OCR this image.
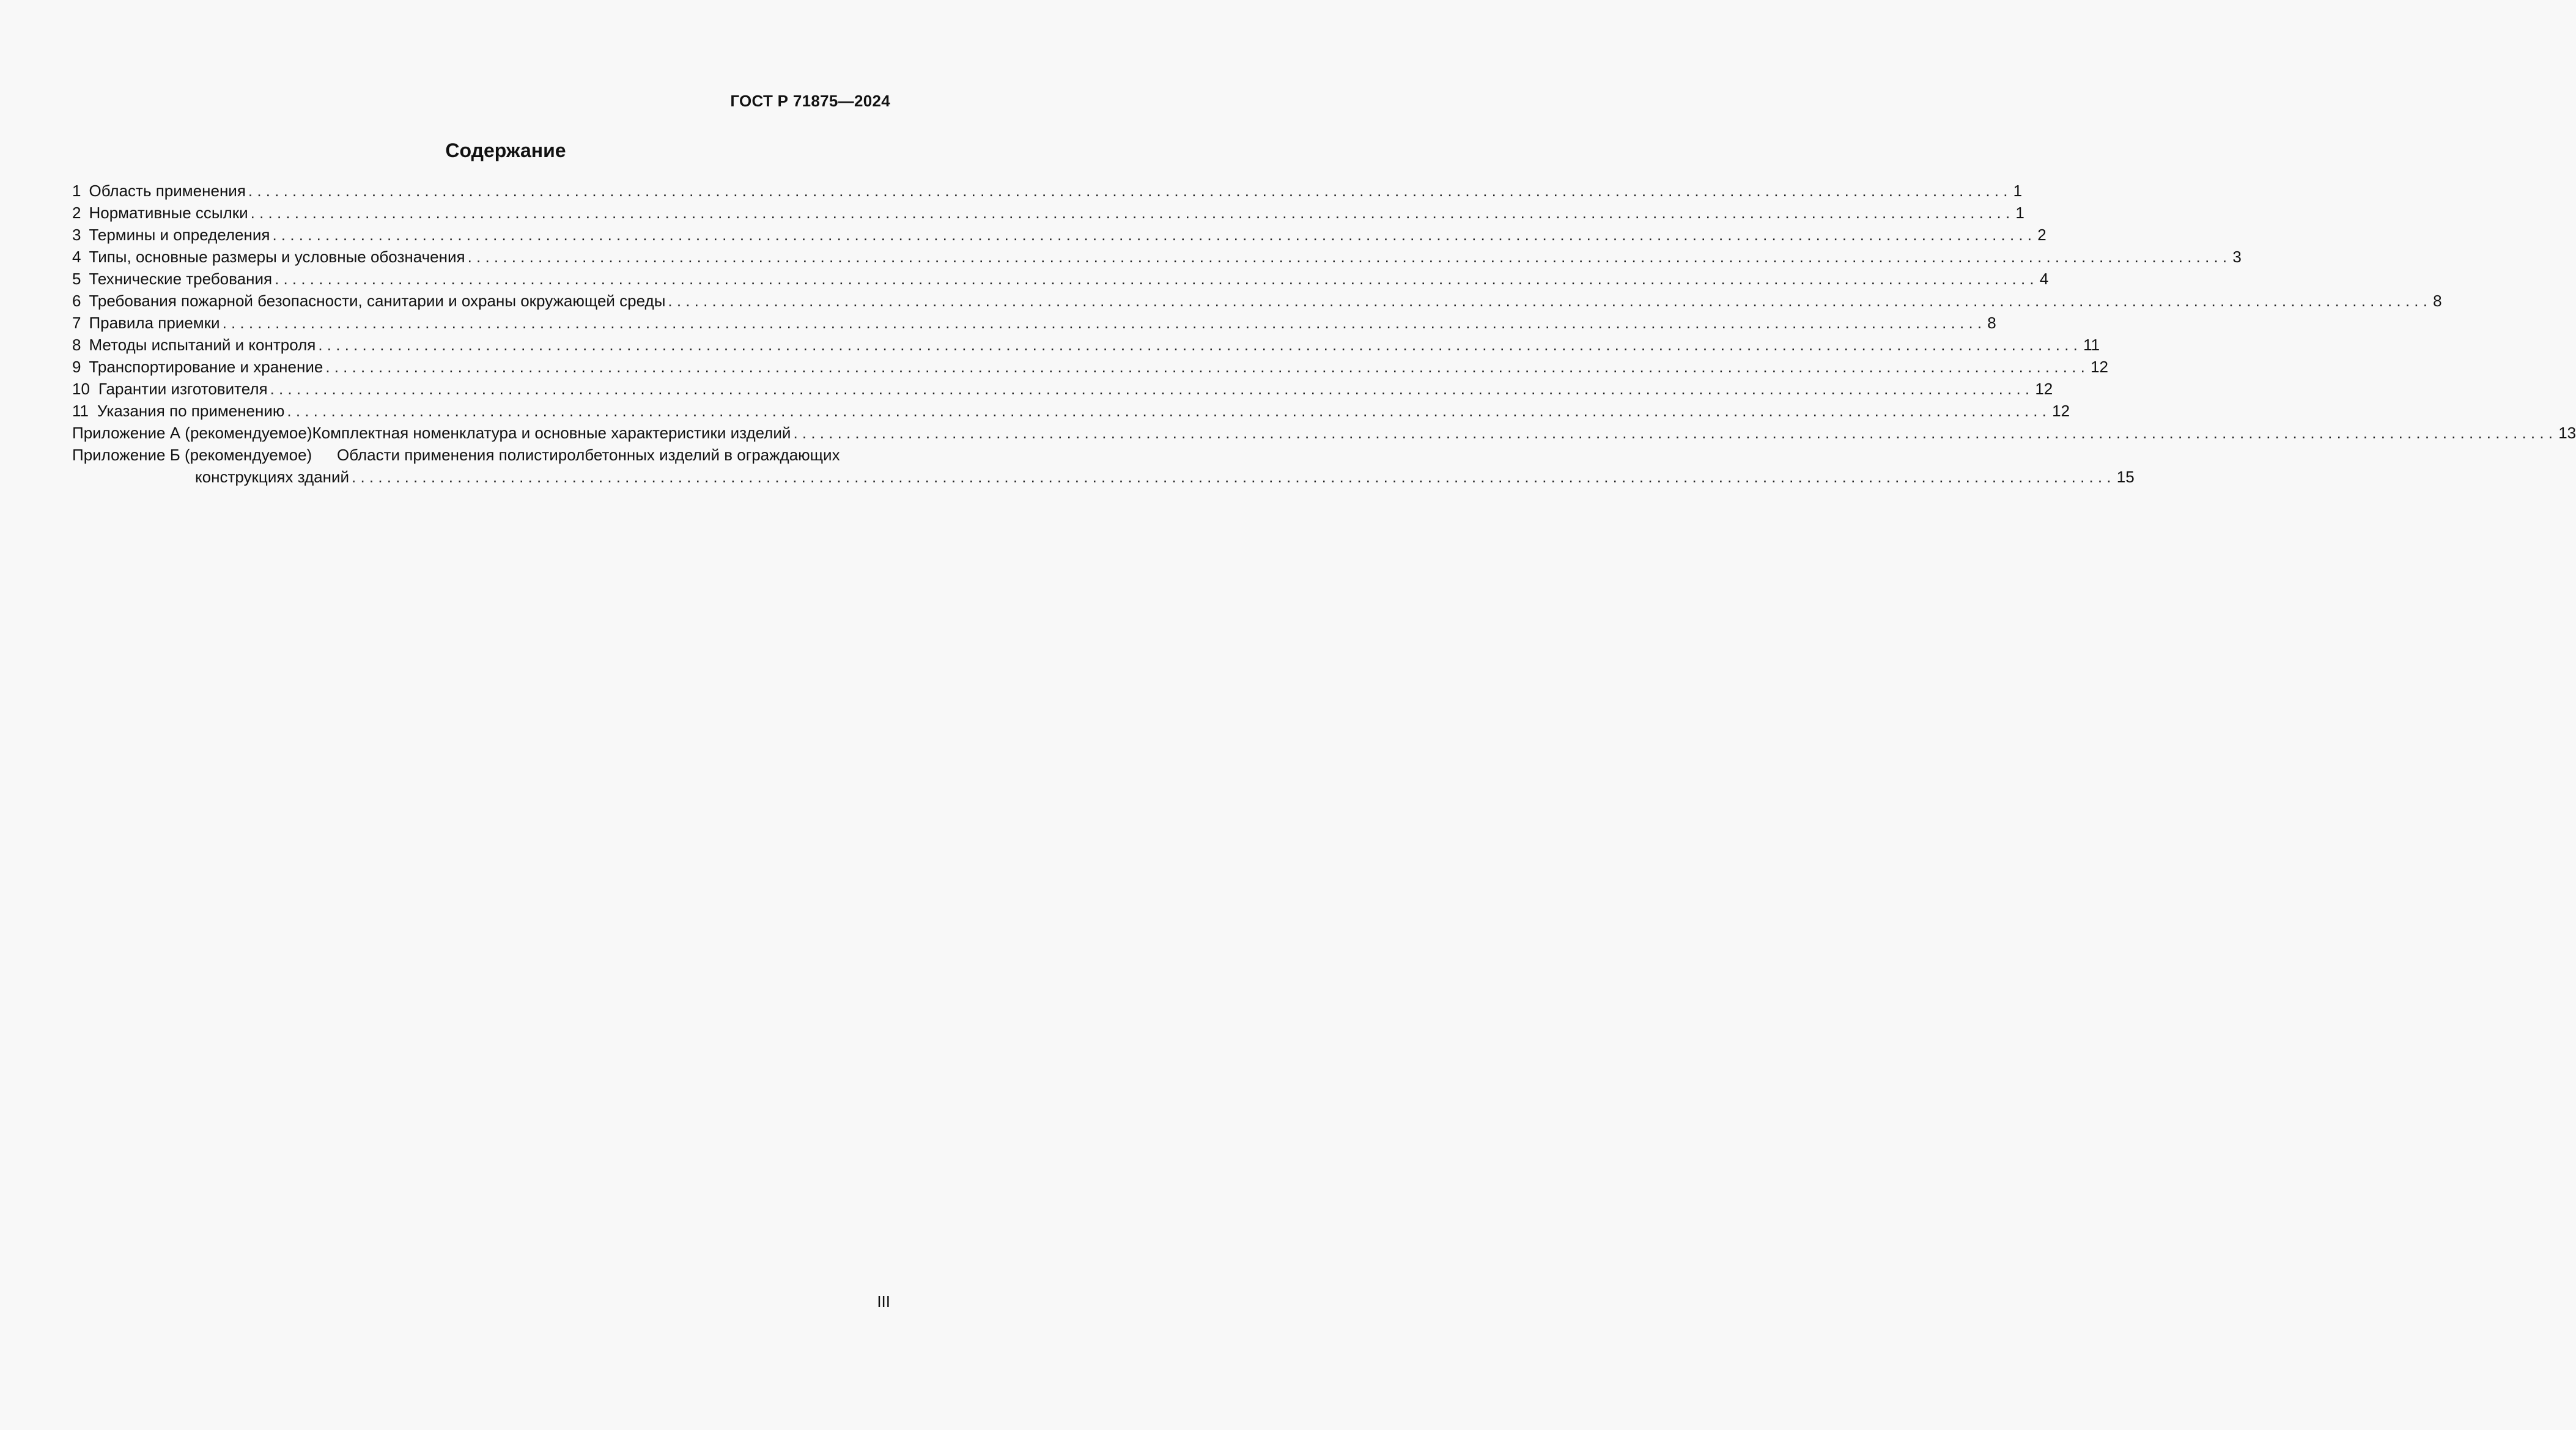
ГОСТ Р 71875—2024
Содержание
1 Область применения ........................................................................................................................................................................................................ 1
2 Нормативные ссылки ........................................................................................................................................................................................................ 1
3 Термины и определения ........................................................................................................................................................................................................ 2
4 Типы, основные размеры и условные обозначения ........................................................................................................................................................................................................ 3
5 Технические требования ........................................................................................................................................................................................................ 4
6 Требования пожарной безопасности, санитарии и охраны окружающей среды ........................................................................................................................................................................................................ 8
7 Правила приемки ........................................................................................................................................................................................................ 8
8 Методы испытаний и контроля ........................................................................................................................................................................................................ 11
9 Транспортирование и хранение ........................................................................................................................................................................................................ 12
10 Гарантии изготовителя ........................................................................................................................................................................................................ 12
11 Указания по применению ........................................................................................................................................................................................................ 12
Приложение А (рекомендуемое) Комплектная номенклатура и основные характеристики изделий ........................................................................................................................................................................................................ 13
Приложение Б (рекомендуемое)	Области применения полистиролбетонных изделий в ограждающих
конструкциях зданий ........................................................................................................................................................................................................ 15
III
